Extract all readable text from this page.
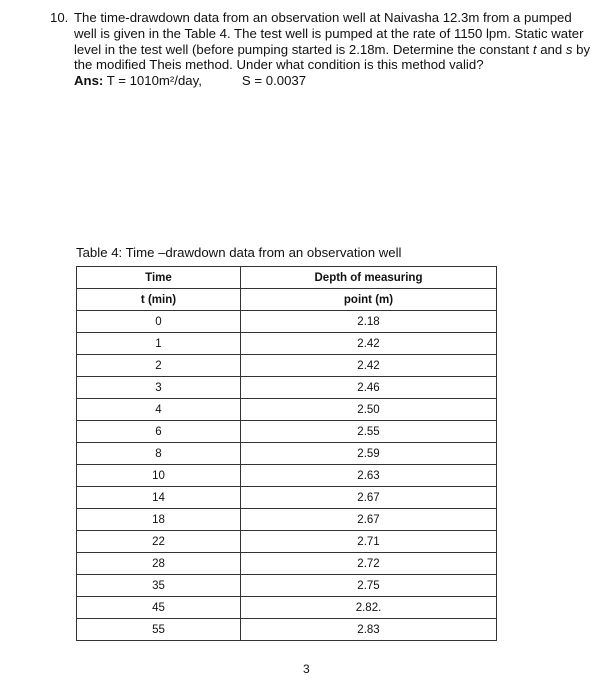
10. The time-drawdown data from an observation well at Naivasha 12.3m from a pumped well is given in the Table 4. The test well is pumped at the rate of 1150 lpm. Static water level in the test well (before pumping started is 2.18m. Determine the constant t and s by the modified Theis method. Under what condition is this method valid?
Ans: T = 1010m²/day,	S = 0.0037
Table 4: Time –drawdown data from an observation well
Time	Depth of measuring
t (min)	point (m)
0	2.18
1	2.42
2	2.42
3	2.46
4	2.50
6	2.55
8	2.59
10	2.63
14	2.67
18	2.67
22	2.71
28	2.72
35	2.75
45	2.82.
55	2.83
3
